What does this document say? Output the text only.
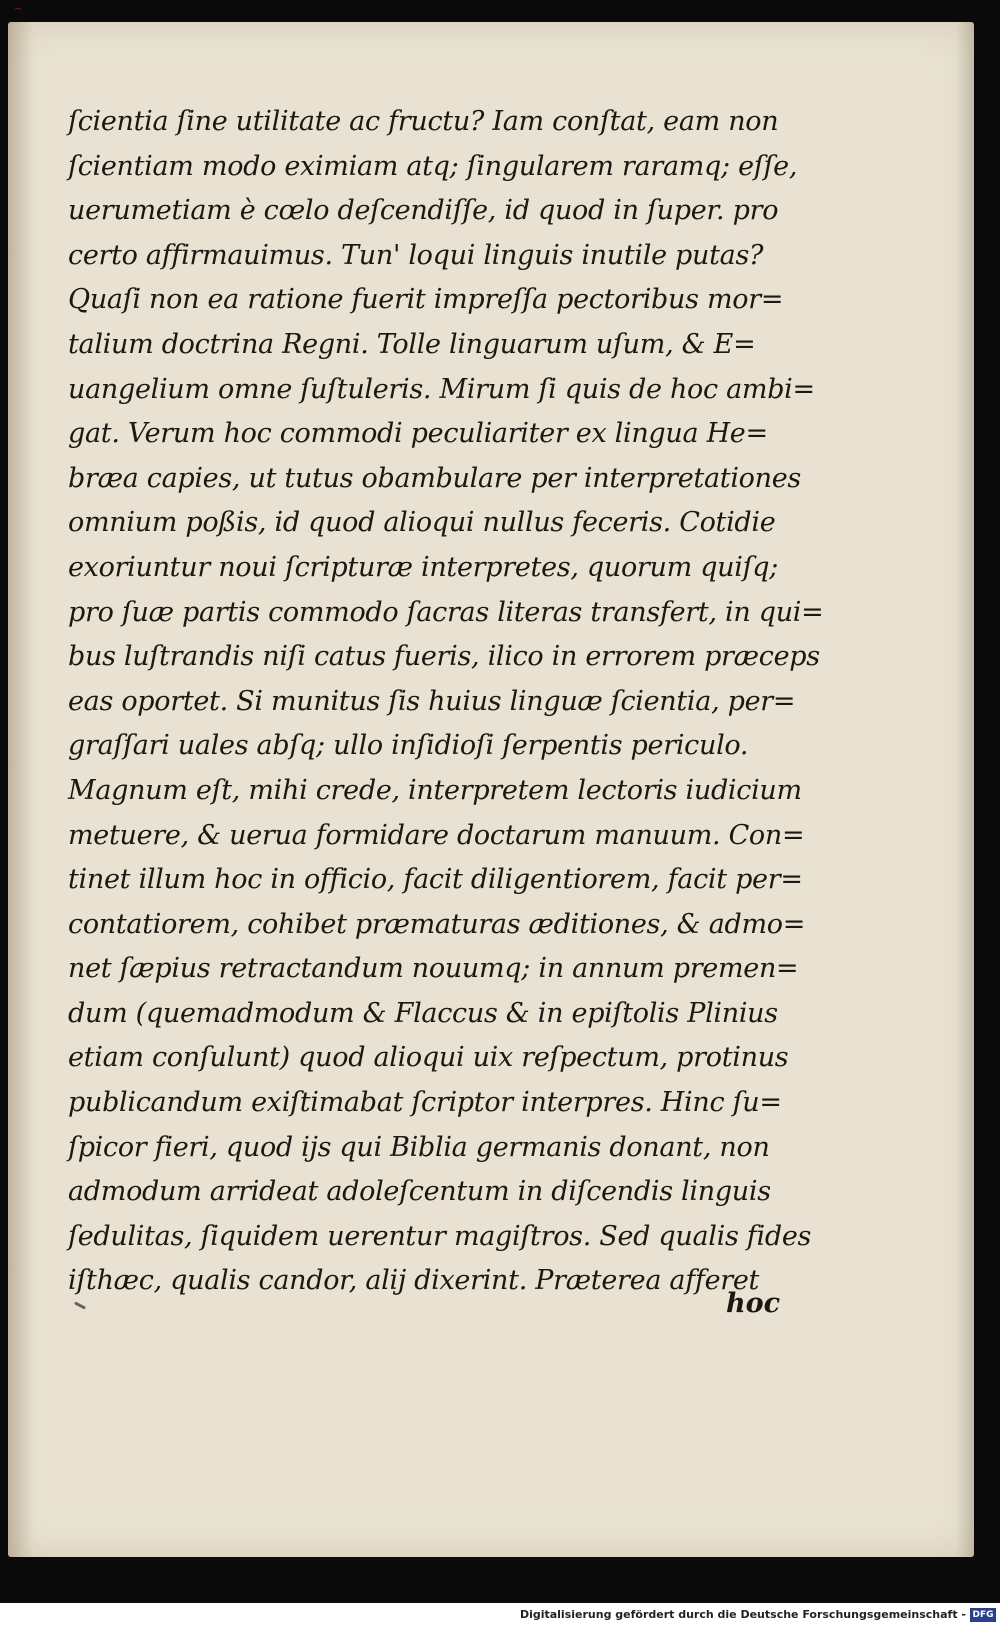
~
ſcientia ſine utilitate ac fructu? Iam conſtat, eam non
ſcientiam modo eximiam atq; ſingularem raramq; eſſe,
uerumetiam è cœlo deſcendiſſe, id quod in ſuper. pro
certo affirmauimus. Tun' loqui linguis inutile putas?
Quaſi non ea ratione fuerit impreſſa pectoribus mor=
talium doctrina Regni. Tolle linguarum uſum, & E=
uangelium omne ſuſtuleris. Mirum ſi quis de hoc ambi=
gat. Verum hoc commodi peculiariter ex lingua He=
bræa capies, ut tutus obambulare per interpretationes
omnium poßis, id quod alioqui nullus feceris. Cotidie
exoriuntur noui ſcripturæ interpretes, quorum quiſq;
pro ſuæ partis commodo ſacras literas transfert, in qui=
bus luſtrandis niſi catus fueris, ilico in errorem præceps
eas oportet. Si munitus ſis huius linguæ ſcientia, per=
graſſari uales abſq; ullo inſidioſi ſerpentis periculo.
Magnum eſt, mihi crede, interpretem lectoris iudicium
metuere, & uerua formidare doctarum manuum. Con=
tinet illum hoc in officio, facit diligentiorem, facit per=
contatiorem, cohibet præmaturas æditiones, & admo=
net ſæpius retractandum nouumq; in annum premen=
dum (quemadmodum & Flaccus & in epiſtolis Plinius
etiam conſulunt) quod alioqui uix reſpectum, protinus
publicandum exiſtimabat ſcriptor interpres. Hinc ſu=
ſpicor fieri, quod ijs qui Biblia germanis donant, non
admodum arrideat adoleſcentum in diſcendis linguis
ſedulitas, ſiquidem uerentur magiſtros. Sed qualis fides
iſthæc, qualis candor, alij dixerint. Præterea afferet
hoc
Digitalisierung gefördert durch die Deutsche Forschungsgemeinschaft - DFG
